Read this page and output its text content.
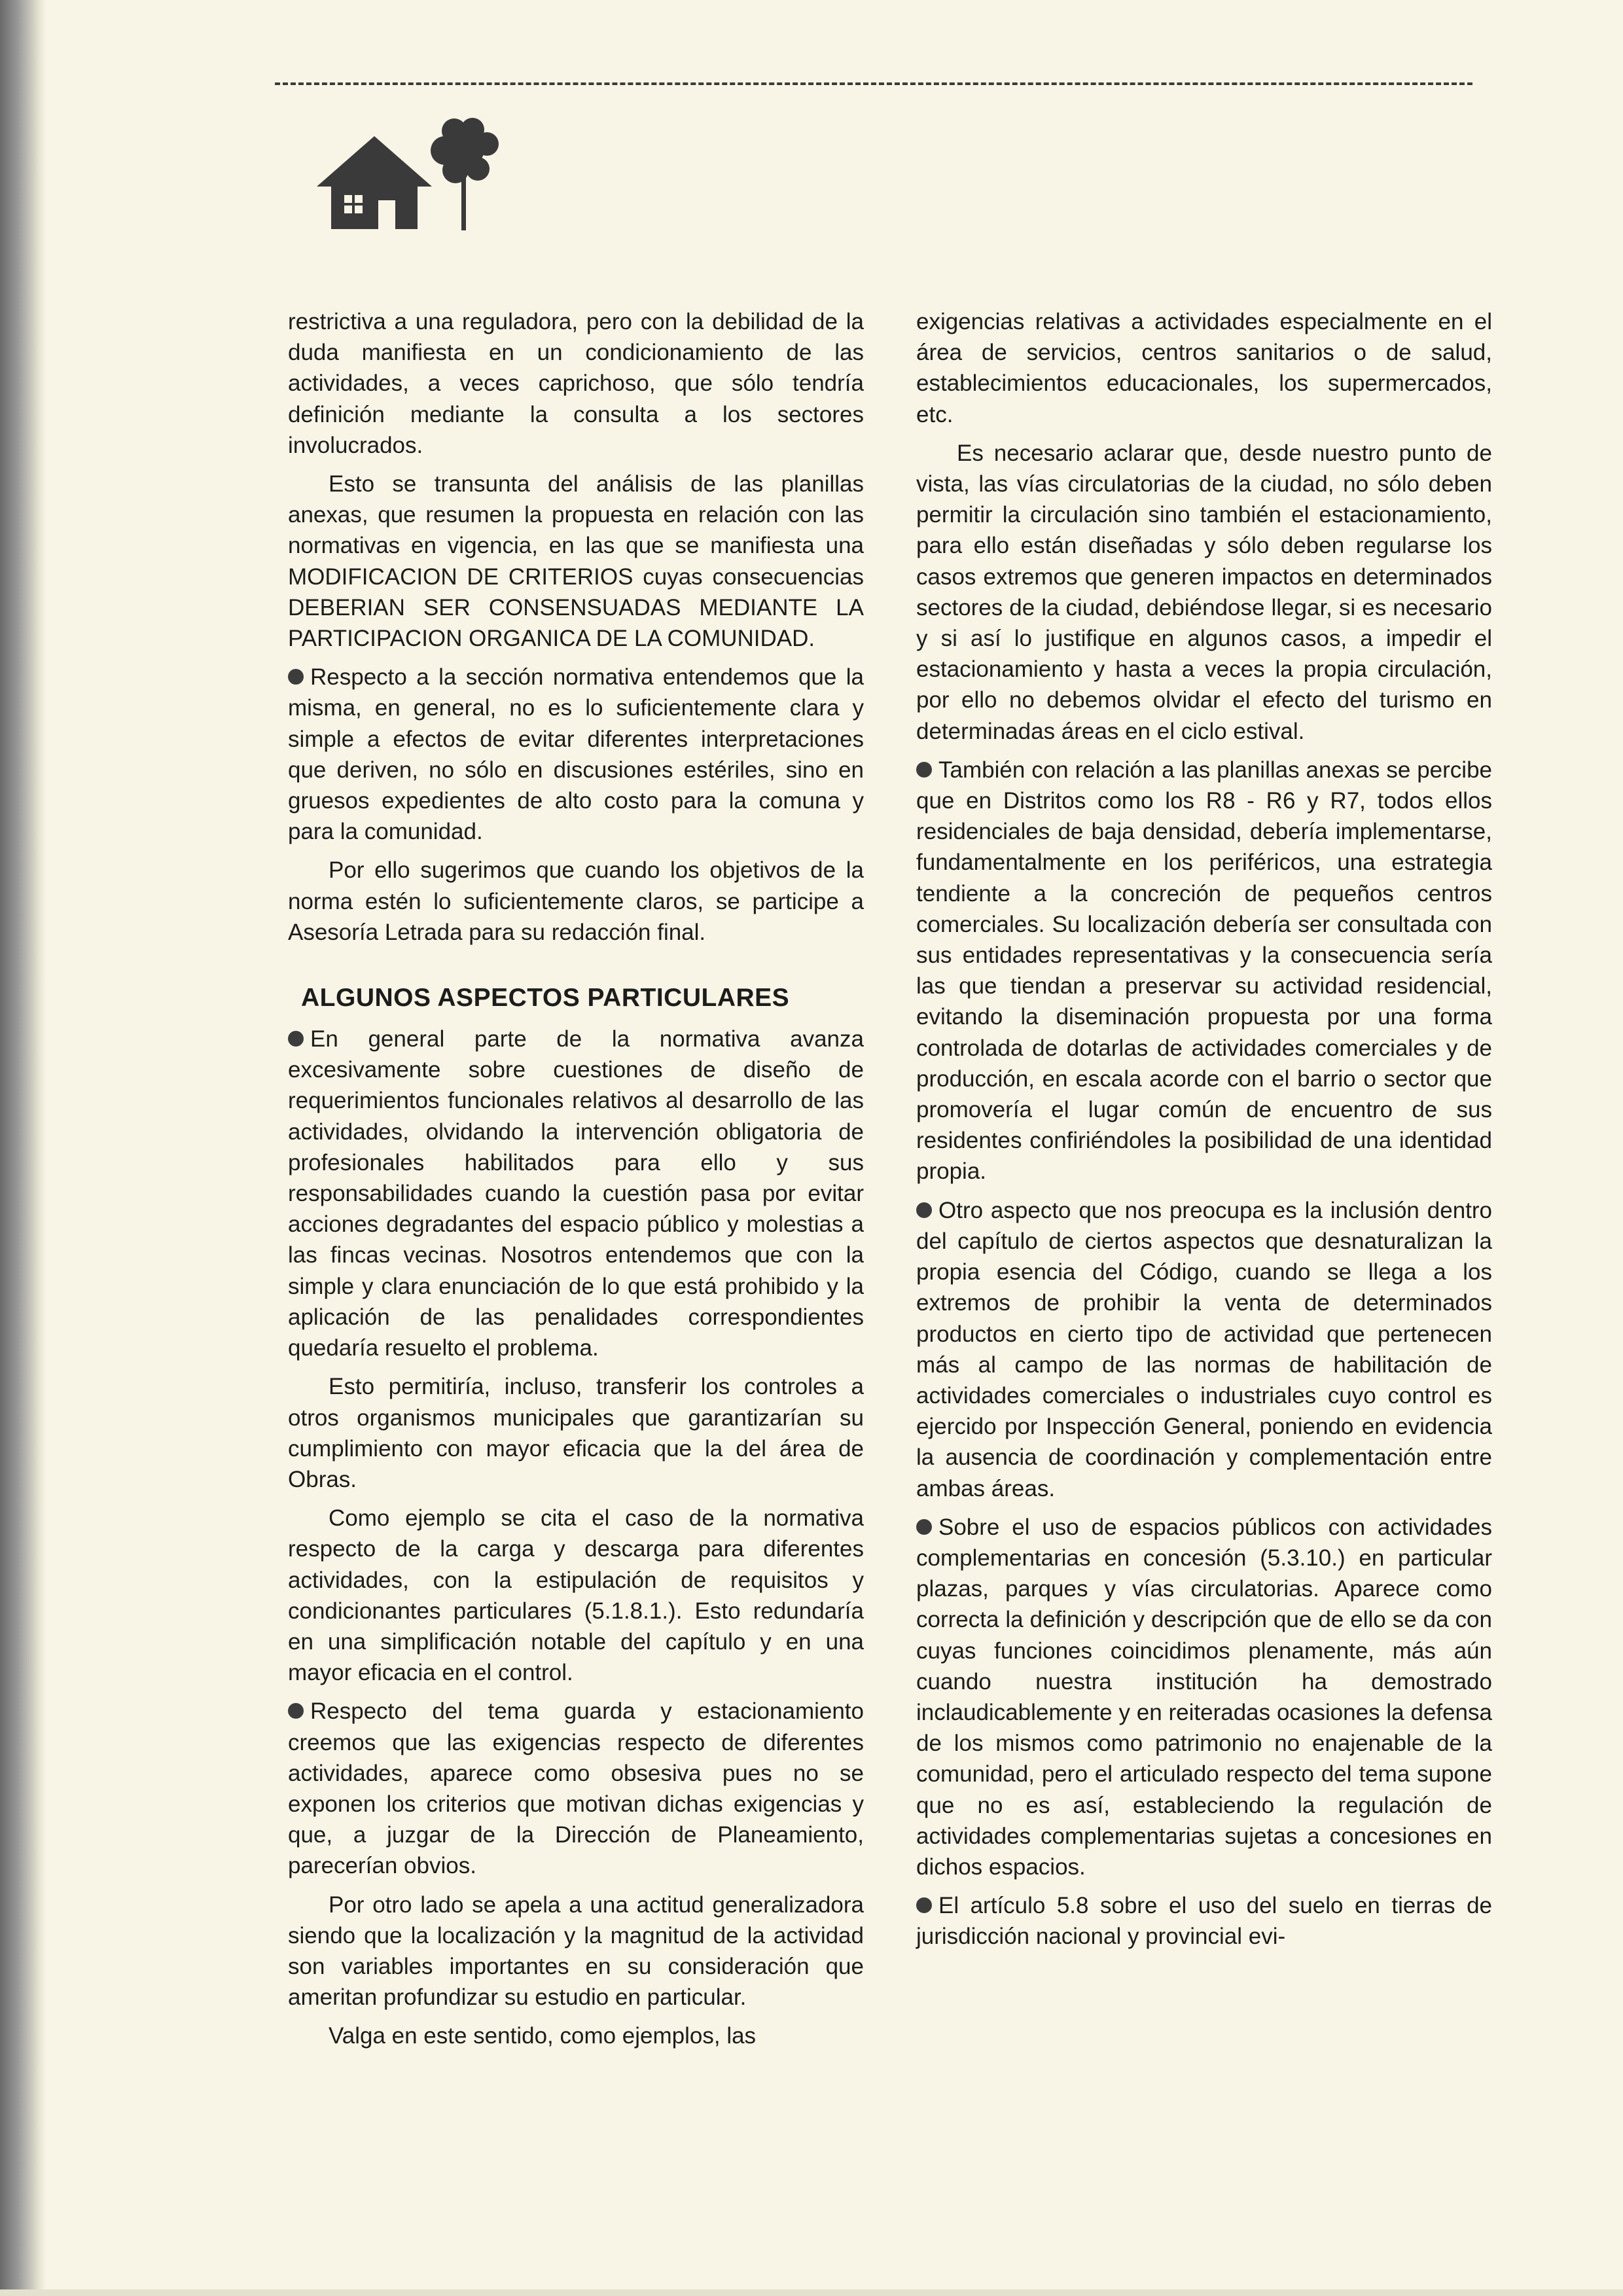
restrictiva a una reguladora, pero con la debilidad de la duda manifiesta en un condicionamiento de las actividades, a veces caprichoso, que sólo tendría definición mediante la consulta a los sectores involucrados.

Esto se transunta del análisis de las planillas anexas, que resumen la propuesta en relación con las normativas en vigencia, en las que se manifiesta una MODIFICACION DE CRITERIOS cuyas consecuencias DEBERIAN SER CONSENSUADAS MEDIANTE LA PARTICIPACION ORGANICA DE LA COMUNIDAD.

Respecto a la sección normativa entendemos que la misma, en general, no es lo suficientemente clara y simple a efectos de evitar diferentes interpretaciones que deriven, no sólo en discusiones estériles, sino en gruesos expedientes de alto costo para la comuna y para la comunidad.

Por ello sugerimos que cuando los objetivos de la norma estén lo suficientemente claros, se participe a Asesoría Letrada para su redacción final.

ALGUNOS ASPECTOS PARTICULARES

En general parte de la normativa avanza excesivamente sobre cuestiones de diseño de requerimientos funcionales relativos al desarrollo de las actividades, olvidando la intervención obligatoria de profesionales habilitados para ello y sus responsabilidades cuando la cuestión pasa por evitar acciones degradantes del espacio público y molestias a las fincas vecinas. Nosotros entendemos que con la simple y clara enunciación de lo que está prohibido y la aplicación de las penalidades correspondientes quedaría resuelto el problema.

Esto permitiría, incluso, transferir los controles a otros organismos municipales que garantizarían su cumplimiento con mayor eficacia que la del área de Obras.

Como ejemplo se cita el caso de la normativa respecto de la carga y descarga para diferentes actividades, con la estipulación de requisitos y condicionantes particulares (5.1.8.1.). Esto redundaría en una simplificación notable del capítulo y en una mayor eficacia en el control.

Respecto del tema guarda y estacionamiento creemos que las exigencias respecto de diferentes actividades, aparece como obsesiva pues no se exponen los criterios que motivan dichas exigencias y que, a juzgar de la Dirección de Planeamiento, parecerían obvios.

Por otro lado se apela a una actitud generalizadora siendo que la localización y la magnitud de la actividad son variables importantes en su consideración que ameritan profundizar su estudio en particular.

Valga en este sentido, como ejemplos, las

exigencias relativas a actividades especialmente en el área de servicios, centros sanitarios o de salud, establecimientos educacionales, los supermercados, etc.

Es necesario aclarar que, desde nuestro punto de vista, las vías circulatorias de la ciudad, no sólo deben permitir la circulación sino también el estacionamiento, para ello están diseñadas y sólo deben regularse los casos extremos que generen impactos en determinados sectores de la ciudad, debiéndose llegar, si es necesario y si así lo justifique en algunos casos, a impedir el estacionamiento y hasta a veces la propia circulación, por ello no debemos olvidar el efecto del turismo en determinadas áreas en el ciclo estival.

También con relación a las planillas anexas se percibe que en Distritos como los R8 - R6 y R7, todos ellos residenciales de baja densidad, debería implementarse, fundamentalmente en los periféricos, una estrategia tendiente a la concreción de pequeños centros comerciales. Su localización debería ser consultada con sus entidades representativas y la consecuencia sería las que tiendan a preservar su actividad residencial, evitando la diseminación propuesta por una forma controlada de dotarlas de actividades comerciales y de producción, en escala acorde con el barrio o sector que promovería el lugar común de encuentro de sus residentes confiriéndoles la posibilidad de una identidad propia.

Otro aspecto que nos preocupa es la inclusión dentro del capítulo de ciertos aspectos que desnaturalizan la propia esencia del Código, cuando se llega a los extremos de prohibir la venta de determinados productos en cierto tipo de actividad que pertenecen más al campo de las normas de habilitación de actividades comerciales o industriales cuyo control es ejercido por Inspección General, poniendo en evidencia la ausencia de coordinación y complementación entre ambas áreas.

Sobre el uso de espacios públicos con actividades complementarias en concesión (5.3.10.) en particular plazas, parques y vías circulatorias. Aparece como correcta la definición y descripción que de ello se da con cuyas funciones coincidimos plenamente, más aún cuando nuestra institución ha demostrado inclaudicablemente y en reiteradas ocasiones la defensa de los mismos como patrimonio no enajenable de la comunidad, pero el articulado respecto del tema supone que no es así, estableciendo la regulación de actividades complementarias sujetas a concesiones en dichos espacios.

El artículo 5.8 sobre el uso del suelo en tierras de jurisdicción nacional y provincial evi-
